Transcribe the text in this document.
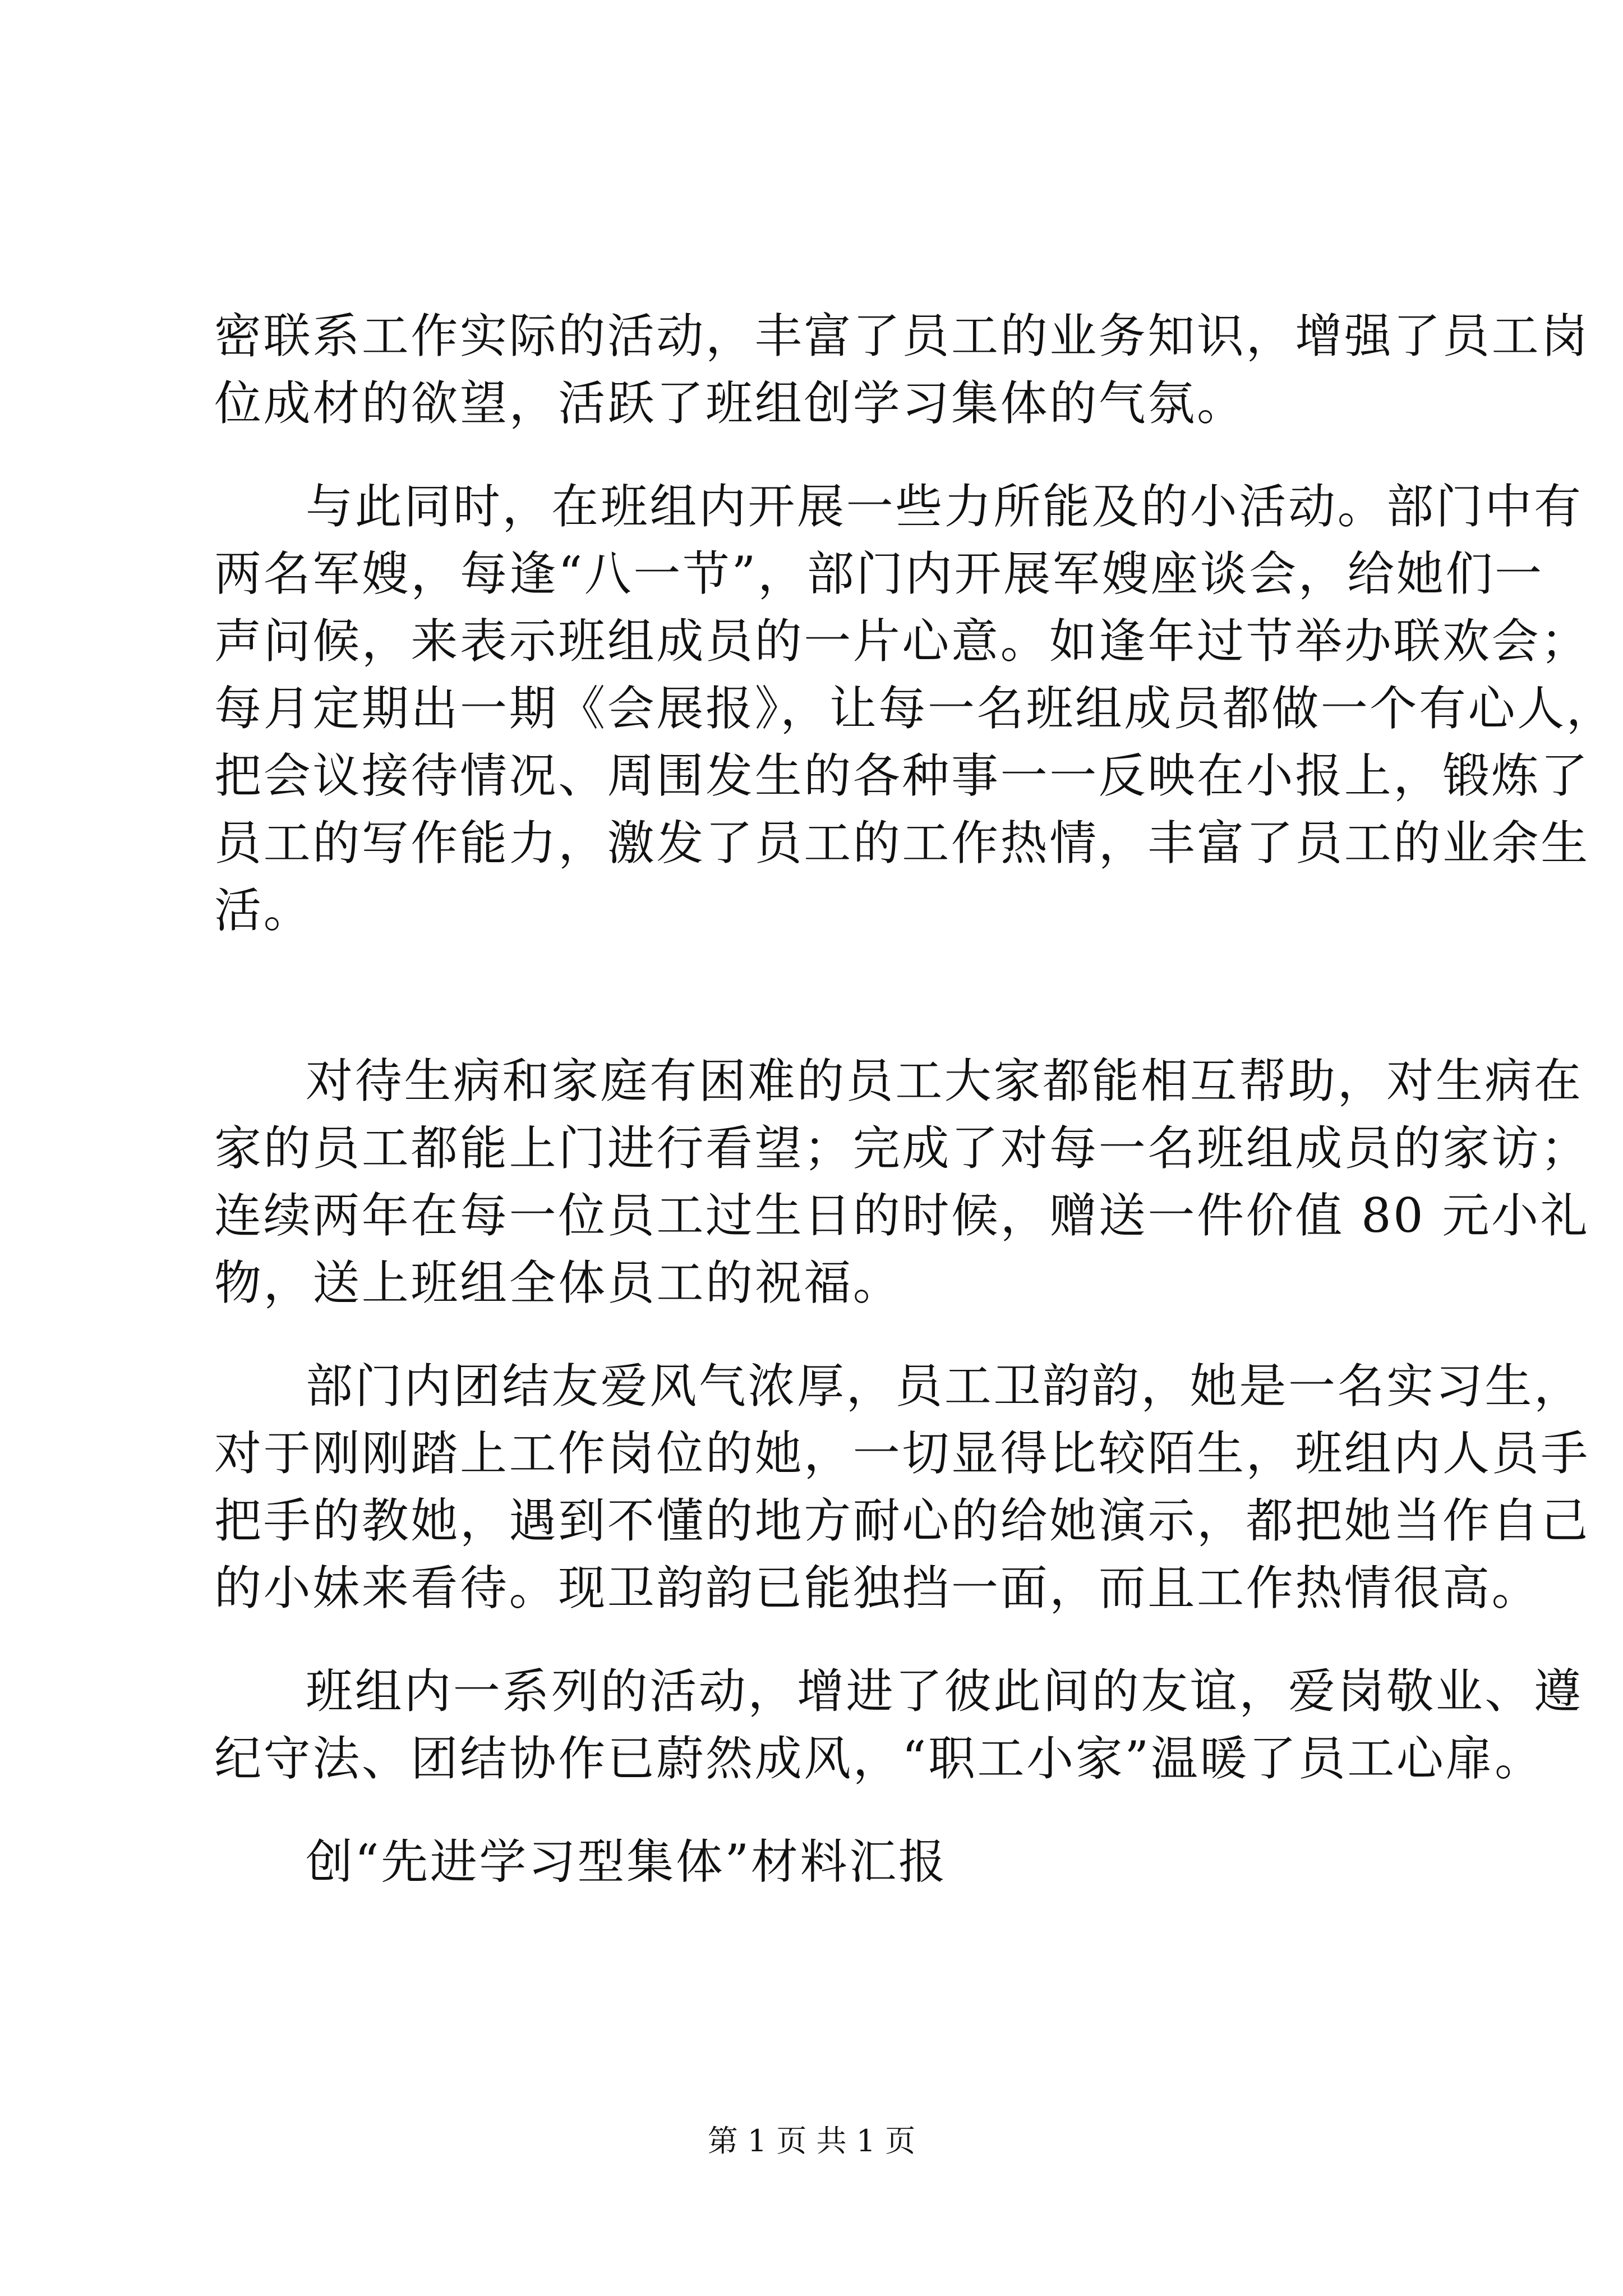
密联系工作实际的活动，丰富了员工的业务知识，增强了员工岗
位成材的欲望，活跃了班组创学习集体的气氛。
与此同时，在班组内开展一些力所能及的小活动。部门中有
两名军嫂，每逢“八一节”，部门内开展军嫂座谈会，给她们一
声问候，来表示班组成员的一片心意。如逢年过节举办联欢会；
每月定期出一期《会展报》，让每一名班组成员都做一个有心人，
把会议接待情况、周围发生的各种事一一反映在小报上，锻炼了
员工的写作能力，激发了员工的工作热情，丰富了员工的业余生
活。
对待生病和家庭有困难的员工大家都能相互帮助，对生病在
家的员工都能上门进行看望；完成了对每一名班组成员的家访；
连续两年在每一位员工过生日的时候，赠送一件价值 80 元小礼
物，送上班组全体员工的祝福。
部门内团结友爱风气浓厚，员工卫韵韵，她是一名实习生，
对于刚刚踏上工作岗位的她，一切显得比较陌生，班组内人员手
把手的教她，遇到不懂的地方耐心的给她演示，都把她当作自己
的小妹来看待。现卫韵韵已能独挡一面，而且工作热情很高。
班组内一系列的活动，增进了彼此间的友谊，爱岗敬业、遵
纪守法、团结协作已蔚然成风，“职工小家”温暖了员工心扉。
创“先进学习型集体”材料汇报
第 1 页 共 1 页
